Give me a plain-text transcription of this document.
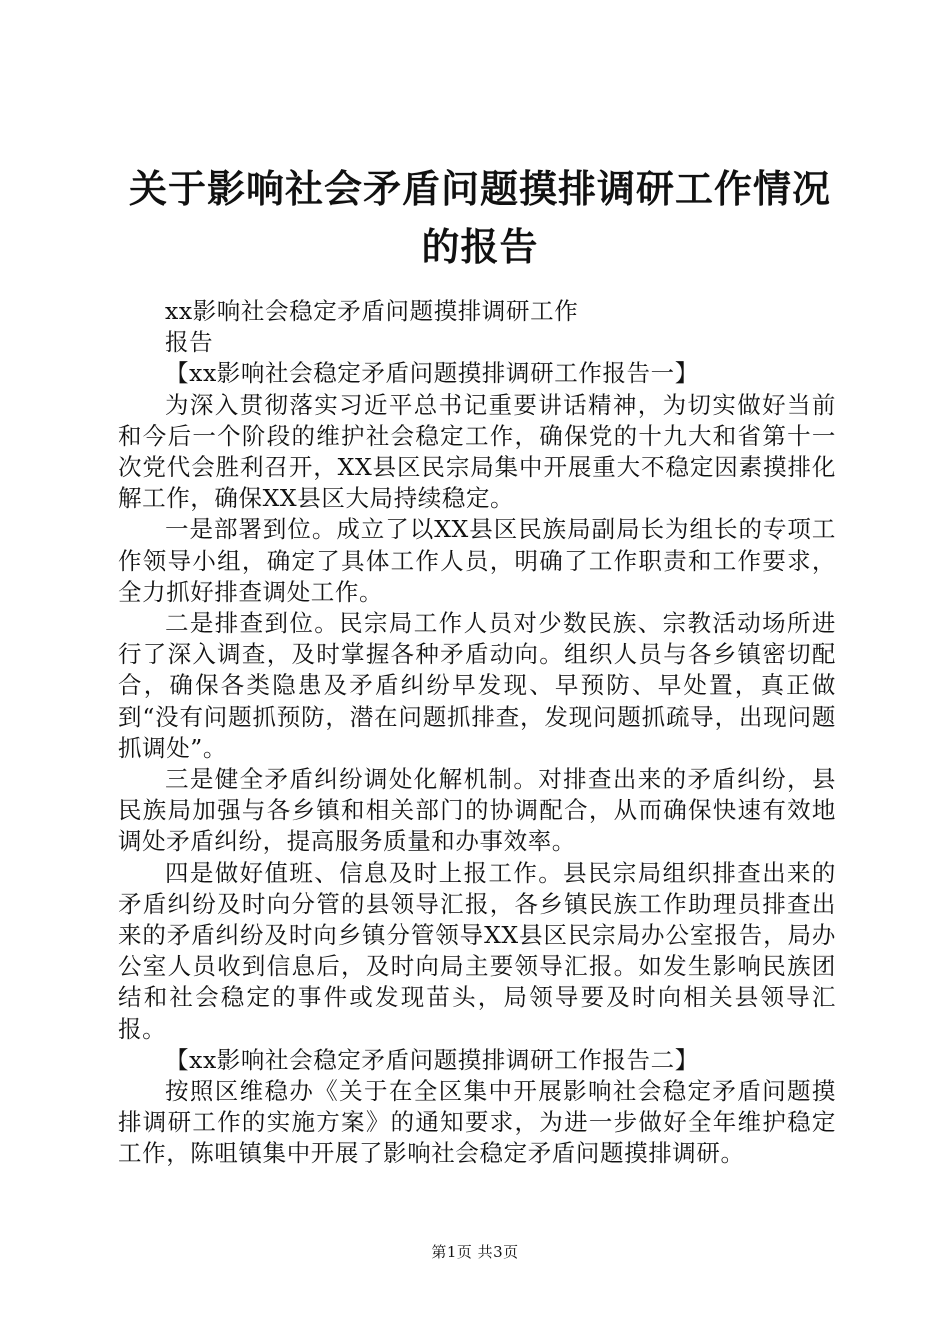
关于影响社会矛盾问题摸排调研工作情况的报告

xx影响社会稳定矛盾问题摸排调研工作

报告

【xx影响社会稳定矛盾问题摸排调研工作报告一】

为深入贯彻落实习近平总书记重要讲话精神，为切实做好当前和今后一个阶段的维护社会稳定工作，确保党的十九大和省第十一次党代会胜利召开，XX县区民宗局集中开展重大不稳定因素摸排化解工作，确保XX县区大局持续稳定。

一是部署到位。成立了以XX县区民族局副局长为组长的专项工作领导小组，确定了具体工作人员，明确了工作职责和工作要求，全力抓好排查调处工作。

二是排查到位。民宗局工作人员对少数民族、宗教活动场所进行了深入调查，及时掌握各种矛盾动向。组织人员与各乡镇密切配合，确保各类隐患及矛盾纠纷早发现、早预防、早处置，真正做到“没有问题抓预防，潜在问题抓排查，发现问题抓疏导，出现问题抓调处”。

三是健全矛盾纠纷调处化解机制。对排查出来的矛盾纠纷，县民族局加强与各乡镇和相关部门的协调配合，从而确保快速有效地调处矛盾纠纷，提高服务质量和办事效率。

四是做好值班、信息及时上报工作。县民宗局组织排查出来的矛盾纠纷及时向分管的县领导汇报，各乡镇民族工作助理员排查出来的矛盾纠纷及时向乡镇分管领导XX县区民宗局办公室报告，局办公室人员收到信息后，及时向局主要领导汇报。如发生影响民族团结和社会稳定的事件或发现苗头，局领导要及时向相关县领导汇报。

【xx影响社会稳定矛盾问题摸排调研工作报告二】

按照区维稳办《关于在全区集中开展影响社会稳定矛盾问题摸排调研工作的实施方案》的通知要求，为进一步做好全年维护稳定工作，陈咀镇集中开展了影响社会稳定矛盾问题摸排调研。

第1页 共3页
